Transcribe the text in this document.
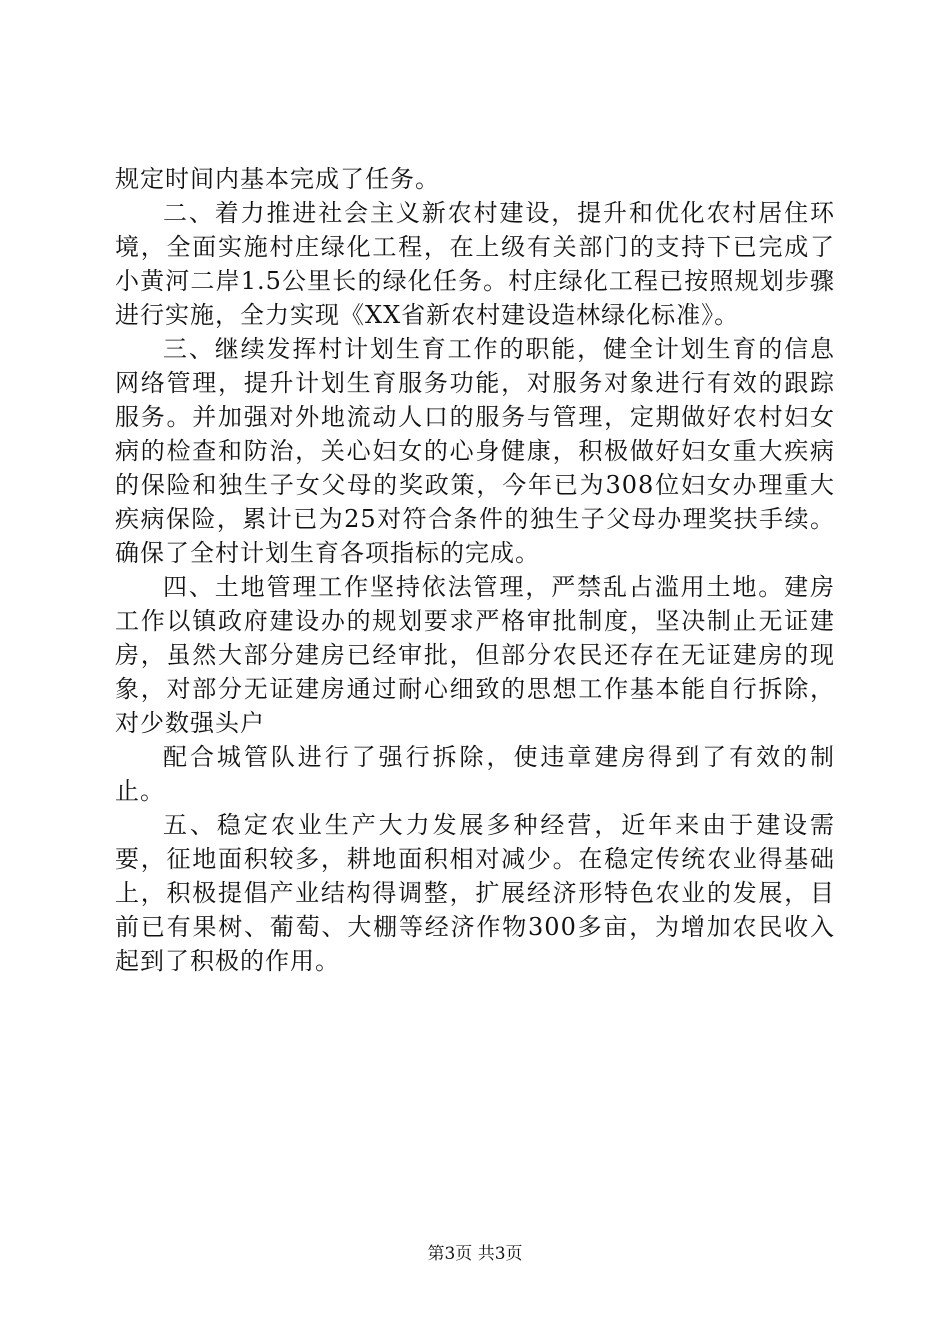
规定时间内基本完成了任务。

二、着力推进社会主义新农村建设，提升和优化农村居住环境，全面实施村庄绿化工程，在上级有关部门的支持下已完成了小黄河二岸1.5公里长的绿化任务。村庄绿化工程已按照规划步骤进行实施，全力实现《XX省新农村建设造林绿化标准》。

三、继续发挥村计划生育工作的职能，健全计划生育的信息网络管理，提升计划生育服务功能，对服务对象进行有效的跟踪服务。并加强对外地流动人口的服务与管理，定期做好农村妇女病的检查和防治，关心妇女的心身健康，积极做好妇女重大疾病的保险和独生子女父母的奖政策，今年已为308位妇女办理重大疾病保险，累计已为25对符合条件的独生子父母办理奖扶手续。确保了全村计划生育各项指标的完成。

四、土地管理工作坚持依法管理，严禁乱占滥用土地。建房工作以镇政府建设办的规划要求严格审批制度，坚决制止无证建房，虽然大部分建房已经审批，但部分农民还存在无证建房的现象，对部分无证建房通过耐心细致的思想工作基本能自行拆除，对少数强头户

配合城管队进行了强行拆除，使违章建房得到了有效的制止。

五、稳定农业生产大力发展多种经营，近年来由于建设需要，征地面积较多，耕地面积相对减少。在稳定传统农业得基础上，积极提倡产业结构得调整，扩展经济形特色农业的发展，目前已有果树、葡萄、大棚等经济作物300多亩，为增加农民收入起到了积极的作用。

第3页 共3页
